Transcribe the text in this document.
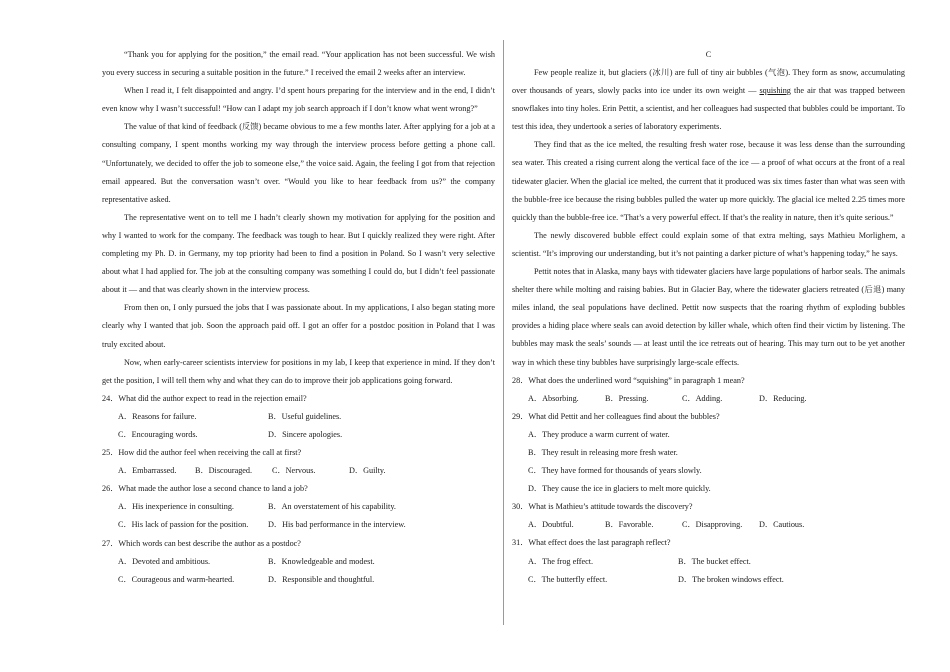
“Thank you for applying for the position,” the email read. “Your application has not been successful. We wish you every success in securing a suitable position in the future.” I received the email 2 weeks after an interview.

When I read it, I felt disappointed and angry. I’d spent hours preparing for the interview and in the end, I didn’t even know why I wasn’t successful! “How can I adapt my job search approach if I don’t know what went wrong?”

The value of that kind of feedback (反馈) became obvious to me a few months later. After applying for a job at a consulting company, I spent months working my way through the interview process before getting a phone call. “Unfortunately, we decided to offer the job to someone else,” the voice said. Again, the feeling I got from that rejection email appeared. But the conversation wasn’t over. “Would you like to hear feedback from us?” the company representative asked.

The representative went on to tell me I hadn’t clearly shown my motivation for applying for the position and why I wanted to work for the company. The feedback was tough to hear. But I quickly realized they were right. After completing my Ph. D. in Germany, my top priority had been to find a position in Poland. So I wasn’t very selective about what I had applied for. The job at the consulting company was something I could do, but I didn’t feel passionate about it — and that was clearly shown in the interview process.

From then on, I only pursued the jobs that I was passionate about. In my applications, I also began stating more clearly why I wanted that job. Soon the approach paid off. I got an offer for a postdoc position in Poland that I was truly excited about.

Now, when early-career scientists interview for positions in my lab, I keep that experience in mind. If they don’t get the position, I will tell them why and what they can do to improve their job applications going forward.

24．What did the author expect to read in the rejection email?
A．Reasons for failure.	B．Useful guidelines.
C．Encouraging words.	D．Sincere apologies.
25．How did the author feel when receiving the call at first?
A．Embarrassed.	B．Discouraged.	C．Nervous.	D．Guilty.
26．What made the author lose a second chance to land a job?
A．His inexperience in consulting.	B．An overstatement of his capability.
C．His lack of passion for the position.	D．His bad performance in the interview.
27．Which words can best describe the author as a postdoc?
A．Devoted and ambitious.	B．Knowledgeable and modest.
C．Courageous and warm-hearted.	D．Responsible and thoughtful.
C

Few people realize it, but glaciers (冰川) are full of tiny air bubbles (气泡). They form as snow, accumulating over thousands of years, slowly packs into ice under its own weight — squishing the air that was trapped between snowflakes into tiny holes. Erin Pettit, a scientist, and her colleagues had suspected that bubbles could be important. To test this idea, they undertook a series of laboratory experiments.

They find that as the ice melted, the resulting fresh water rose, because it was less dense than the surrounding sea water. This created a rising current along the vertical face of the ice — a proof of what occurs at the front of a real tidewater glacier. When the glacial ice melted, the current that it produced was six times faster than what was seen with the bubble-free ice because the rising bubbles pulled the water up more quickly. The glacial ice melted 2.25 times more quickly than the bubble-free ice. “That’s a very powerful effect. If that’s the reality in nature, then it’s quite serious.”

The newly discovered bubble effect could explain some of that extra melting, says Mathieu Morlighem, a scientist. “It’s improving our understanding, but it’s not painting a darker picture of what’s happening today,” he says.

Pettit notes that in Alaska, many bays with tidewater glaciers have large populations of harbor seals. The animals shelter there while molting and raising babies. But in Glacier Bay, where the tidewater glaciers retreated (后退) many miles inland, the seal populations have declined. Pettit now suspects that the roaring rhythm of exploding bubbles provides a hiding place where seals can avoid detection by killer whale, which often find their victim by listening. The bubbles may mask the seals’ sounds — at least until the ice retreats out of hearing. This may turn out to be yet another way in which these tiny bubbles have surprisingly large-scale effects.

28．What does the underlined word “squishing” in paragraph 1 mean?
A．Absorbing.	B．Pressing.	C．Adding.	D．Reducing.
29．What did Pettit and her colleagues find about the bubbles?
A．They produce a warm current of water.
B．They result in releasing more fresh water.
C．They have formed for thousands of years slowly.
D．They cause the ice in glaciers to melt more quickly.
30．What is Mathieu’s attitude towards the discovery?
A．Doubtful.	B．Favorable.	C．Disapproving.	D．Cautious.
31．What effect does the last paragraph reflect?
A．The frog effect.	B．The bucket effect.
C．The butterfly effect.	D．The broken windows effect.
